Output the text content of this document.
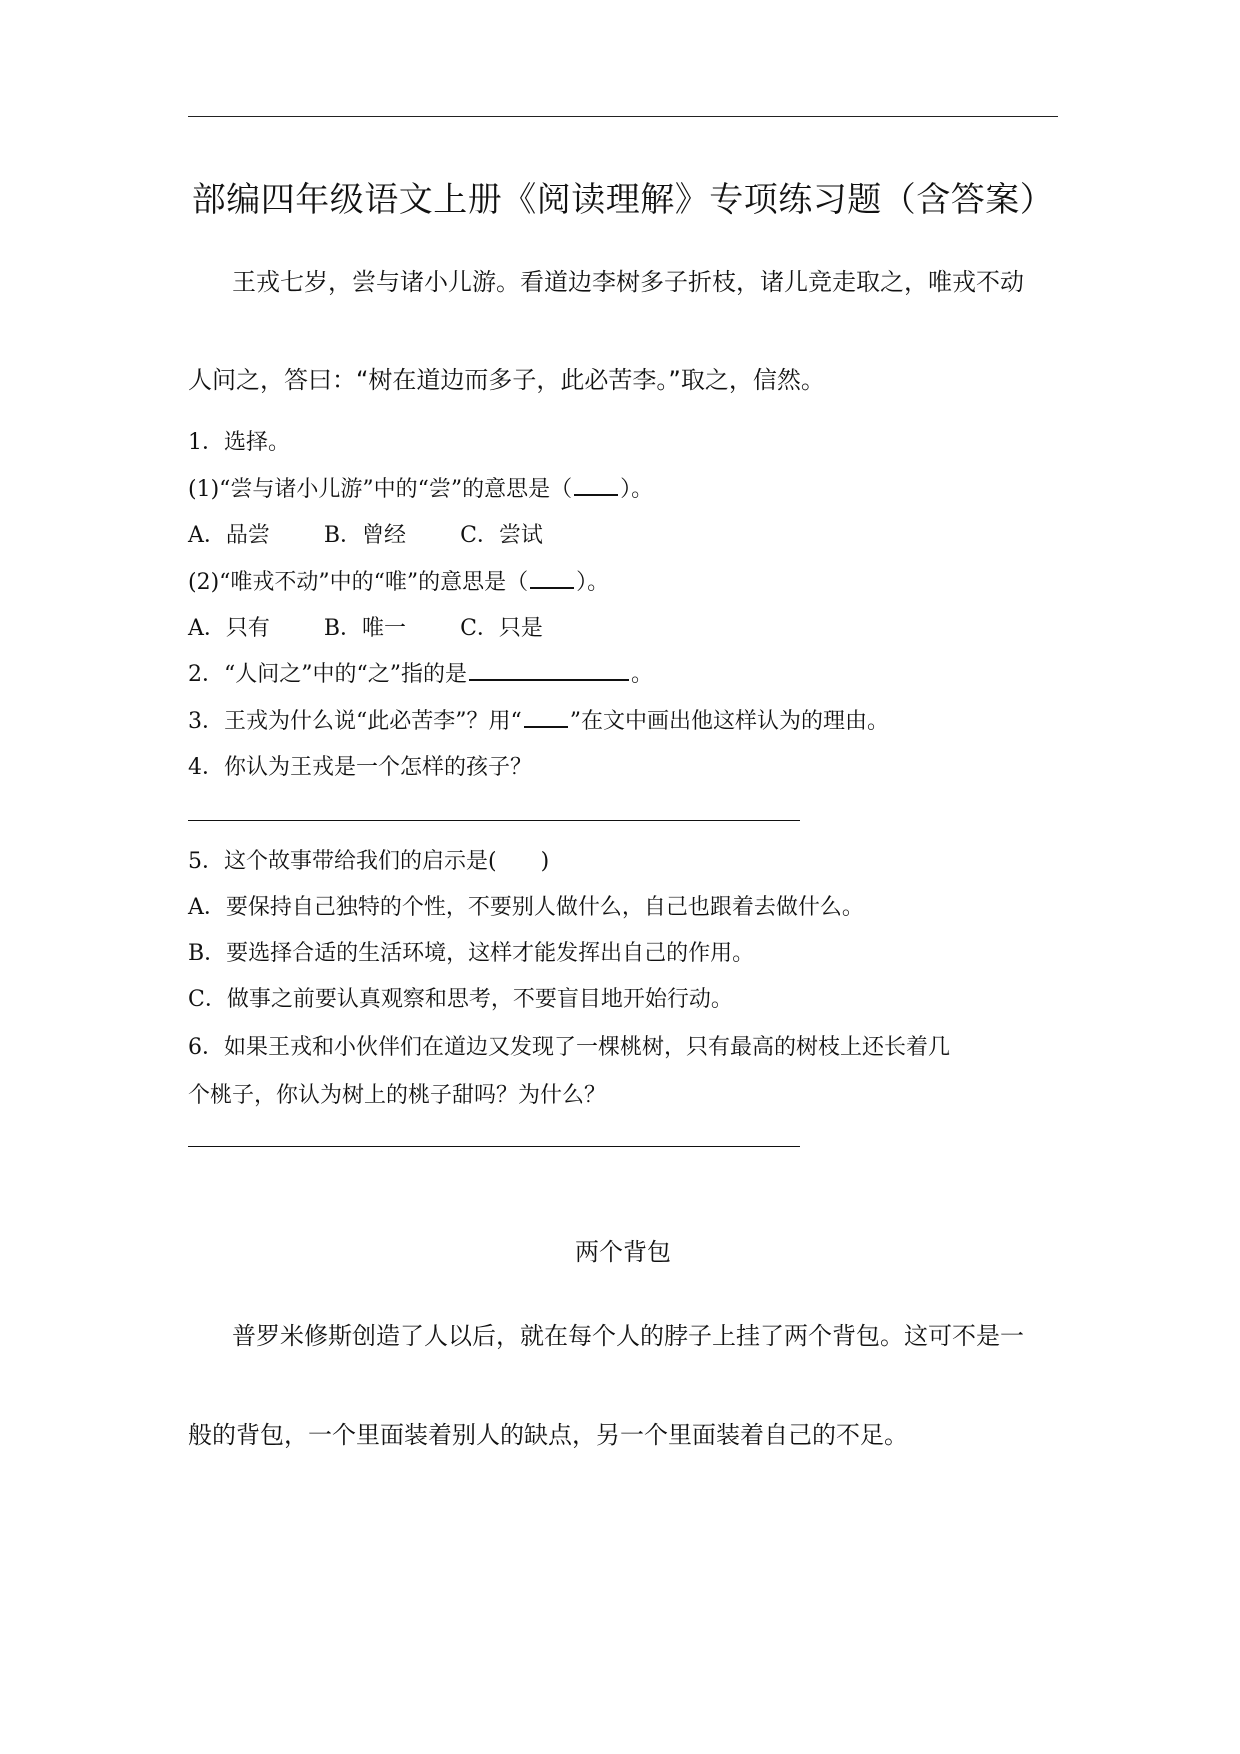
部编四年级语文上册《阅读理解》专项练习题（含答案）
王戎七岁，尝与诸小儿游。看道边李树多子折枝，诸儿竞走取之，唯戎不动
人问之，答曰：“树在道边而多子，此必苦李。”取之，信然。
1．选择。
(1)“尝与诸小儿游”中的“尝”的意思是（ ）。
A．品尝 B．曾经 C．尝试
(2)“唯戎不动”中的“唯”的意思是（ ）。
A．只有 B．唯一 C．只是
2．“人问之”中的“之”指的是	。
3．王戎为什么说“此必苦李”？用“ ”在文中画出他这样认为的理由。
4．你认为王戎是一个怎样的孩子？
5．这个故事带给我们的启示是(　　)
A．要保持自己独特的个性，不要别人做什么，自己也跟着去做什么。
B．要选择合适的生活环境，这样才能发挥出自己的作用。
C．做事之前要认真观察和思考，不要盲目地开始行动。
6．如果王戎和小伙伴们在道边又发现了一棵桃树，只有最高的树枝上还长着几
个桃子，你认为树上的桃子甜吗？为什么？
两个背包
普罗米修斯创造了人以后，就在每个人的脖子上挂了两个背包。这可不是一
般的背包，一个里面装着别人的缺点，另一个里面装着自己的不足。
